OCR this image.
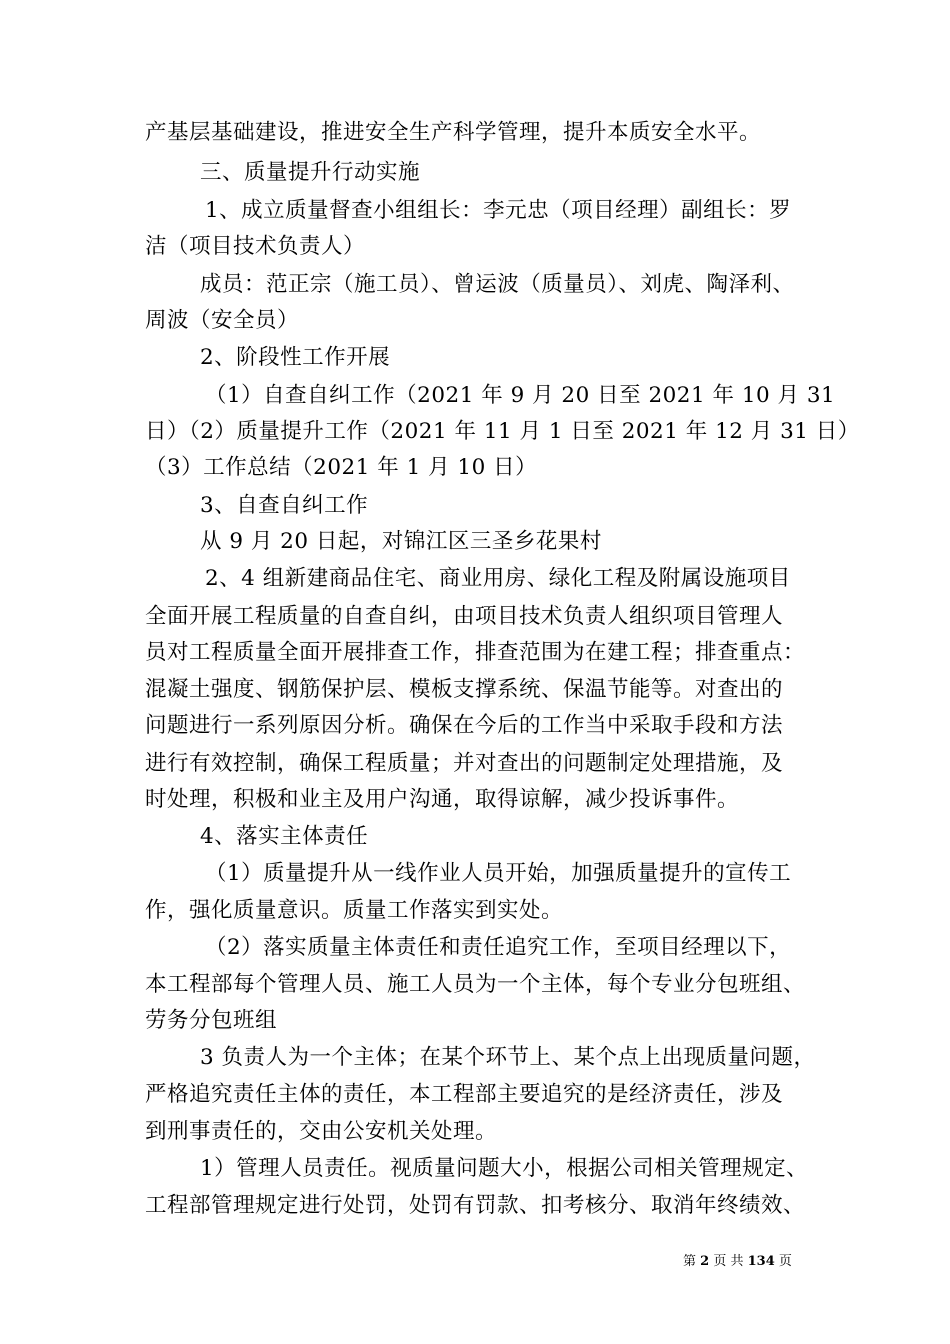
产基层基础建设，推进安全生产科学管理，提升本质安全水平。
三、质量提升行动实施
1、成立质量督查小组组长：李元忠（项目经理）副组长：罗
洁（项目技术负责人）
成员：范正宗（施工员）、曾运波（质量员）、刘虎、陶泽利、
周波（安全员）
2、阶段性工作开展
（1）自查自纠工作（2021 年 9 月 20 日至 2021 年 10 月 31
日）（2）质量提升工作（2021 年 11 月 1 日至 2021 年 12 月 31 日）
（3）工作总结（2021 年 1 月 10 日）
3、自查自纠工作
从 9 月 20 日起，对锦江区三圣乡花果村
2、4 组新建商品住宅、商业用房、绿化工程及附属设施项目
全面开展工程质量的自查自纠，由项目技术负责人组织项目管理人
员对工程质量全面开展排查工作，排查范围为在建工程；排查重点：
混凝土强度、钢筋保护层、模板支撑系统、保温节能等。对查出的
问题进行一系列原因分析。确保在今后的工作当中采取手段和方法
进行有效控制，确保工程质量；并对查出的问题制定处理措施，及
时处理，积极和业主及用户沟通，取得谅解，减少投诉事件。
4、落实主体责任
（1）质量提升从一线作业人员开始，加强质量提升的宣传工
作，强化质量意识。质量工作落实到实处。
（2）落实质量主体责任和责任追究工作，至项目经理以下，
本工程部每个管理人员、施工人员为一个主体，每个专业分包班组、
劳务分包班组
3 负责人为一个主体；在某个环节上、某个点上出现质量问题，
严格追究责任主体的责任，本工程部主要追究的是经济责任，涉及
到刑事责任的，交由公安机关处理。
1）管理人员责任。视质量问题大小，根据公司相关管理规定、
工程部管理规定进行处罚，处罚有罚款、扣考核分、取消年终绩效、
第 2 页 共 134 页
